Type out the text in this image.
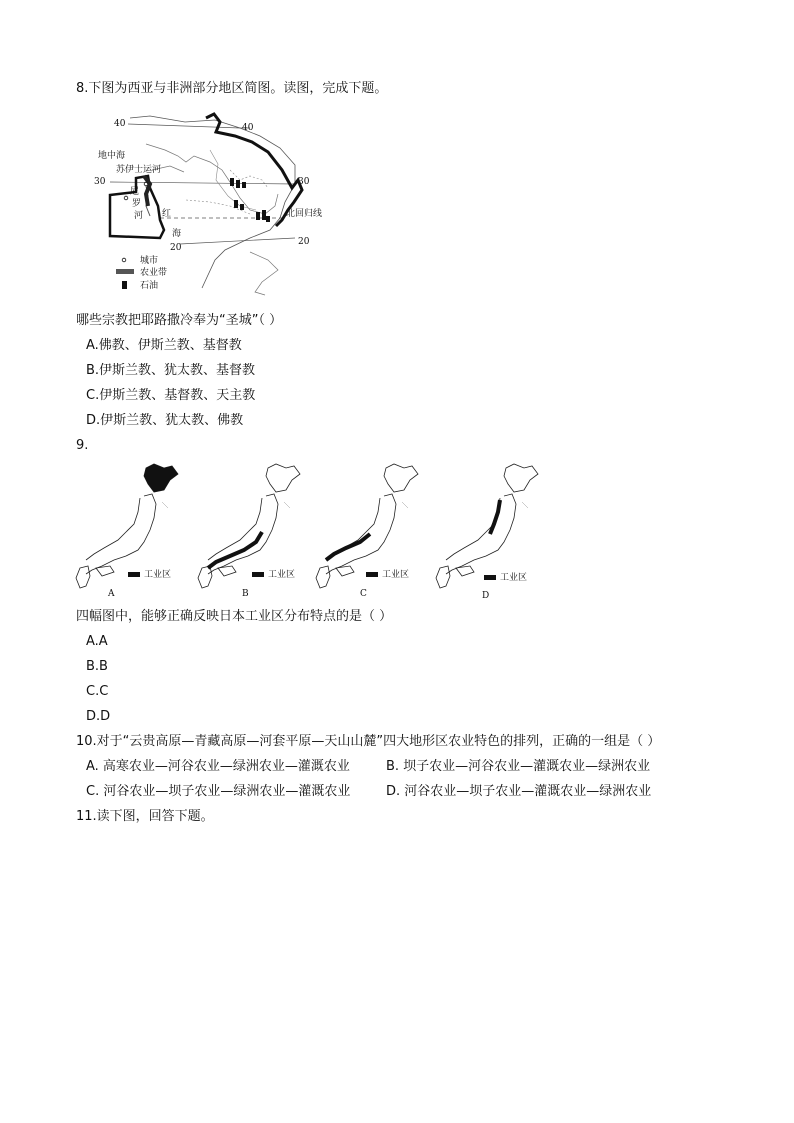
8.下图为西亚与非洲部分地区简图。读图，完成下题。
40	40
30	30
20
20
地中海
苏伊士运河
尼
罗
河 红
海
北回归线
城市
农业带
石油
哪些宗教把耶路撒冷奉为“圣城”（ ）
A.佛教、伊斯兰教、基督教
B.伊斯兰教、犹太教、基督教
C.伊斯兰教、基督教、天主教
D.伊斯兰教、犹太教、佛教
9.
工业区
A
工业区
B
工业区
C
工业区
D
四幅图中，能够正确反映日本工业区分布特点的是（ ）
A.A
B.B
C.C
D.D
10.对于“云贵高原—青藏高原—河套平原—天山山麓”四大地形区农业特色的排列，正确的一组是（ ）
A. 高寒农业—河谷农业—绿洲农业—灌溉农业	B. 坝子农业—河谷农业—灌溉农业—绿洲农业
C. 河谷农业—坝子农业—绿洲农业—灌溉农业	D. 河谷农业—坝子农业—灌溉农业—绿洲农业
11.读下图，回答下题。
